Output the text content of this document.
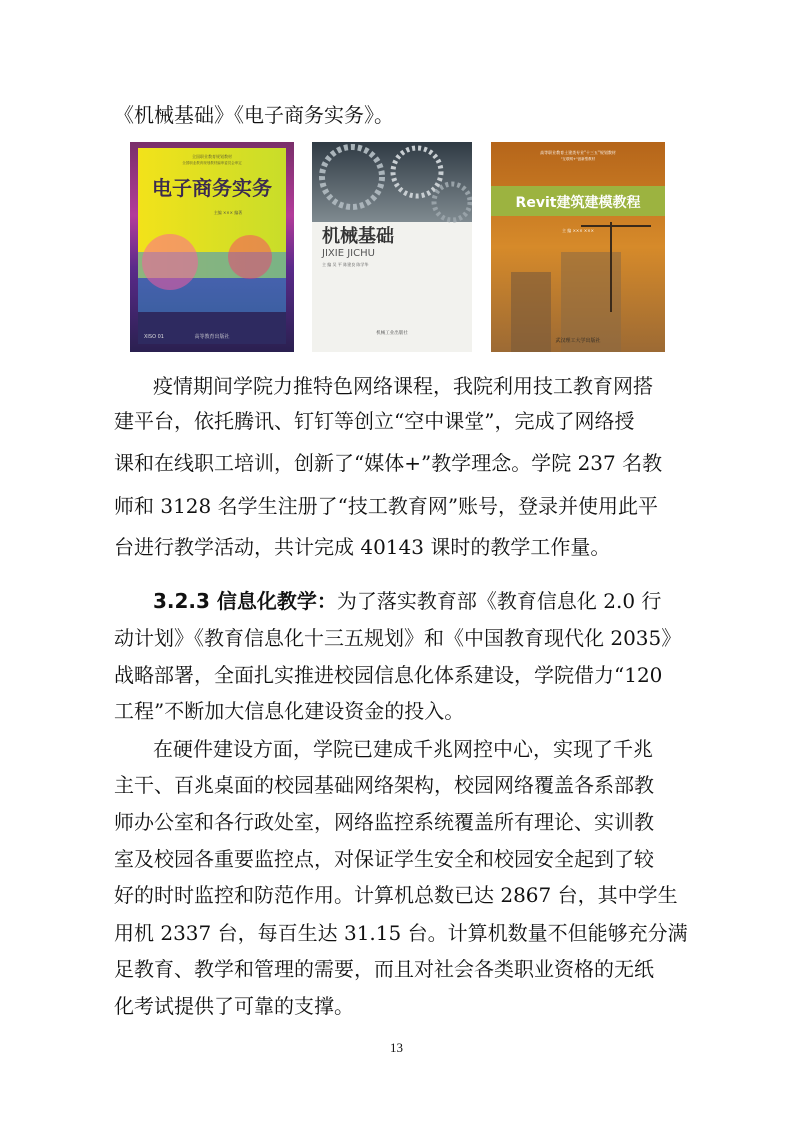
《机械基础》《电子商务实务》。
电子商务实务
全国职业教育规划教材
全国职业教育规划教材编审委员会审定
主编 ××× 编著
XISO 01	高等教育出版社
机械基础
JIXIE JICHU
主 编 吴 平 陈建良 陈学华
机械工业出版社
高等职业教育土建类专业"十三五"规划教材
"互联网+"创新型教材
Revit建筑建模教程
主 编 ××× ×××
武汉理工大学出版社
疫情期间学院力推特色网络课程，我院利用技工教育网搭
建平台，依托腾讯、钉钉等创立“空中课堂”，完成了网络授
课和在线职工培训，创新了“媒体+”教学理念。学院 237 名教
师和 3128 名学生注册了“技工教育网”账号，登录并使用此平
台进行教学活动，共计完成 40143 课时的教学工作量。
3.2.3 信息化教学：为了落实教育部《教育信息化 2.0 行
动计划》《教育信息化十三五规划》和《中国教育现代化 2035》
战略部署，全面扎实推进校园信息化体系建设，学院借力“120
工程”不断加大信息化建设资金的投入。
在硬件建设方面，学院已建成千兆网控中心，实现了千兆
主干、百兆桌面的校园基础网络架构，校园网络覆盖各系部教
师办公室和各行政处室，网络监控系统覆盖所有理论、实训教
室及校园各重要监控点，对保证学生安全和校园安全起到了较
好的时时监控和防范作用。计算机总数已达 2867 台，其中学生
用机 2337 台，每百生达 31.15 台。计算机数量不但能够充分满
足教育、教学和管理的需要，而且对社会各类职业资格的无纸
化考试提供了可靠的支撑。
13
